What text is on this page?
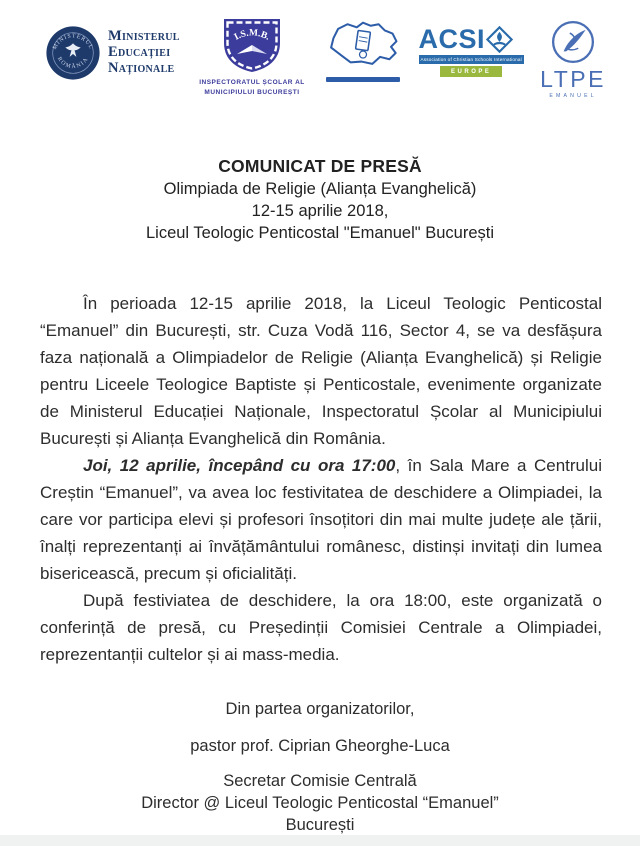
MINISTERUL
ROMÂNIA
Ministerul
Educației
Naționale
I.S.M.B.
INSPECTORATUL ȘCOLAR AL
MUNICIPIULUI BUCUREȘTI
ACSI
Association of Christian Schools International
EUROPE	LTPE
EMANUEL
COMUNICAT DE PRESĂ
Olimpiada de Religie (Alianța Evanghelică)
12-15 aprilie 2018,
Liceul Teologic Penticostal "Emanuel" București

În perioada 12-15 aprilie 2018, la Liceul Teologic Penticostal “Emanuel” din București, str. Cuza Vodă 116, Sector 4, se va desfășura faza națională a Olimpiadelor de Religie (Alianța Evanghelică) și Religie pentru Liceele Teologice Baptiste și Penticostale, evenimente organizate de Ministerul Educației Naționale, Inspectoratul Școlar al Municipiului București și Alianța Evanghelică din România.

Joi, 12 aprilie, începând cu ora 17:00, în Sala Mare a Centrului Creștin “Emanuel”, va avea loc festivitatea de deschidere a Olimpiadei, la care vor participa elevi și profesori însoțitori din mai multe județe ale țării, înalți reprezentanți ai învățământului românesc, distinși invitați din lumea bisericească, precum și oficialități.

După festiviatea de deschidere, la ora 18:00, este organizată o conferință de presă, cu Președinții Comisiei Centrale a Olimpiadei, reprezentanții cultelor și ai mass-media.

Din partea organizatorilor,
pastor prof. Ciprian Gheorghe-Luca
Secretar Comisie Centrală
Director @ Liceul Teologic Penticostal “Emanuel”
București
